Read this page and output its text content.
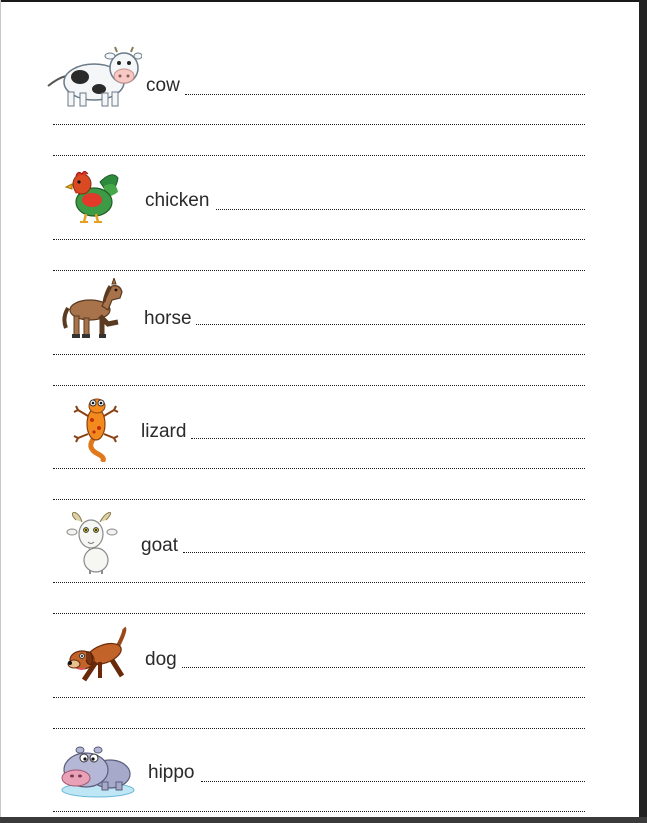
cow
chicken
horse
lizard
goat
dog
hippo
